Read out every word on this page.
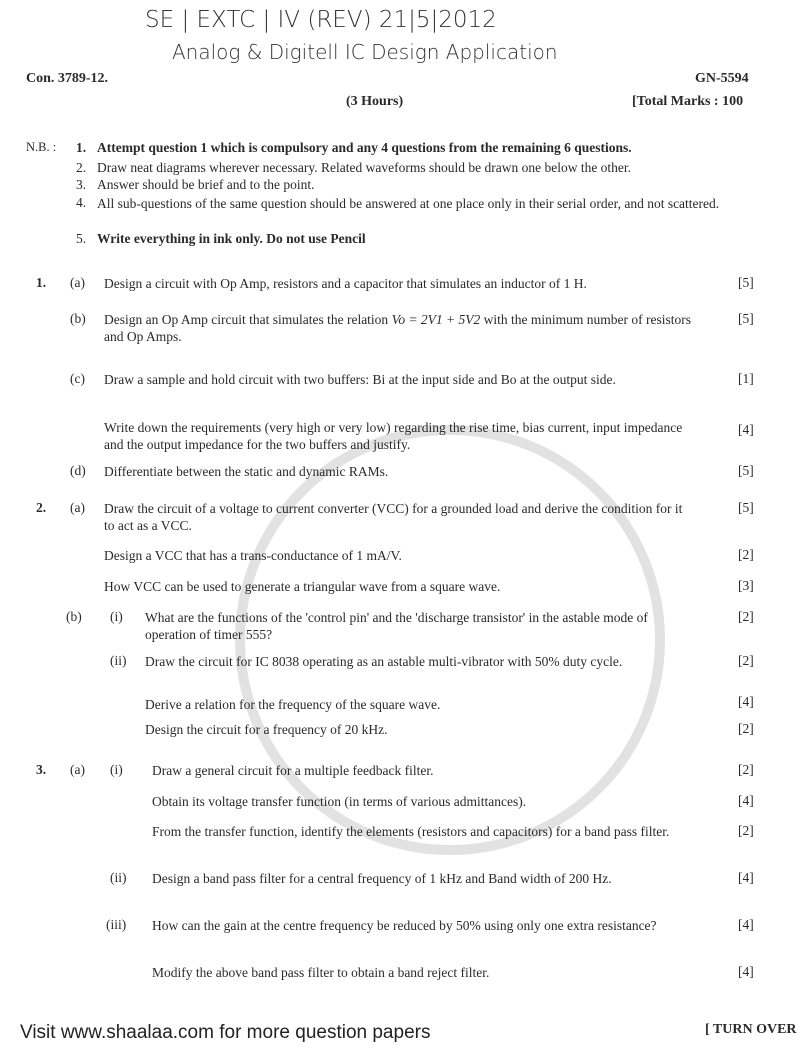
SE | EXTC | IV (REV) 21|5|2012
Analog & Digitell IC Design Application
Con. 3789-12.	GN-5594
(3 Hours)	[Total Marks : 100
N.B. : 1. Attempt question 1 which is compulsory and any 4 questions from the remaining 6 questions.
2. Draw neat diagrams wherever necessary. Related waveforms should be drawn one below the other.
3. Answer should be brief and to the point.
4. All sub-questions of the same question should be answered at one place only in their serial order, and not scattered.
5. Write everything in ink only. Do not use Pencil
1. (a) Design a circuit with Op Amp, resistors and a capacitor that simulates an inductor of 1 H.	[5]
(b) Design an Op Amp circuit that simulates the relation Vo = 2V1 + 5V2 with the minimum number of resistors and Op Amps.
[5]
(c) Draw a sample and hold circuit with two buffers: Bi at the input side and Bo at the output side.	[1]
Write down the requirements (very high or very low) regarding the rise time, bias current, input impedance and the output impedance for the two buffers and justify.
[4]
(d) Differentiate between the static and dynamic RAMs.	[5]
2. (a) Draw the circuit of a voltage to current converter (VCC) for a grounded load and derive the condition for it to act as a VCC.
[5]
Design a VCC that has a trans-conductance of 1 mA/V.	[2]
How VCC can be used to generate a triangular wave from a square wave.	[3]
(b) (i) What are the functions of the 'control pin' and the 'discharge transistor' in the astable mode of operation of timer 555?
[2]
(ii) Draw the circuit for IC 8038 operating as an astable multi-vibrator with 50% duty cycle.	[2]
Derive a relation for the frequency of the square wave.	[4]
Design the circuit for a frequency of 20 kHz.	[2]
3. (a) (i) Draw a general circuit for a multiple feedback filter.	[2]
Obtain its voltage transfer function (in terms of various admittances).	[4]
From the transfer function, identify the elements (resistors and capacitors) for a band pass filter.	[2]
(ii) Design a band pass filter for a central frequency of 1 kHz and Band width of 200 Hz.	[4]
(iii) How can the gain at the centre frequency be reduced by 50% using only one extra resistance?	[4]
Modify the above band pass filter to obtain a band reject filter.	[4]
Visit www.shaalaa.com for more question papers	[ TURN OVER
